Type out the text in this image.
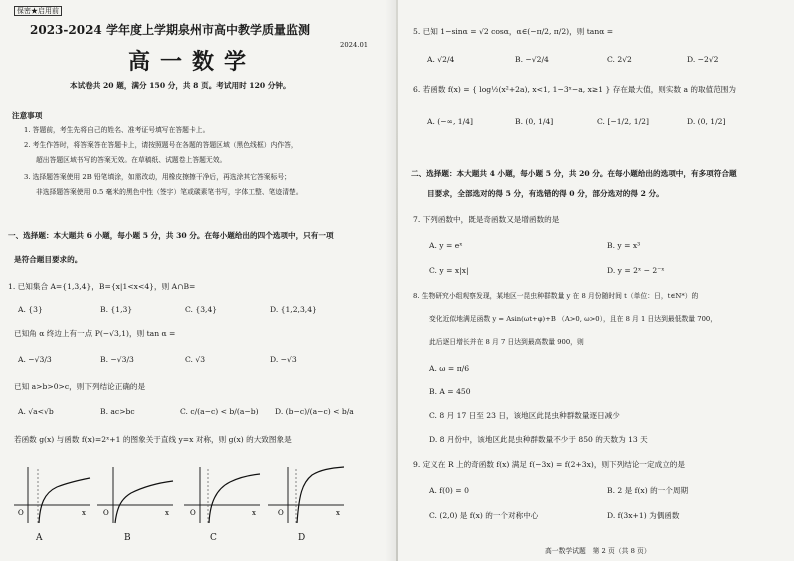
保密★启用前
2023-2024 学年度上学期泉州市高中教学质量监测
2024.01
高一数学
本试卷共 20 题，满分 150 分，共 8 页。考试用时 120 分钟。
注意事项
1. 答题前，考生先将自己的姓名、准考证号填写在答题卡上。
2. 考生作答时，将答案答在答题卡上，请按照题号在各题的答题区域（黑色线框）内作答，
超出答题区域书写的答案无效。在草稿纸、试题卷上答题无效。
3. 选择题答案使用 2B 铅笔填涂，如需改动，用橡皮擦擦干净后，再选涂其它答案标号；
非选择题答案使用 0.5 毫米的黑色中性（签字）笔或碳素笔书写，字体工整、笔迹清楚。
一、选择题：本大题共 6 小题，每小题 5 分，共 30 分。在每小题给出的四个选项中，只有一项
是符合题目要求的。
1. 已知集合 A={1,3,4}，B={x|1<x<4}，则 A∩B=
A. {3}	B. {1,3}	C. {3,4}	D. {1,2,3,4}
已知角 α 终边上有一点 P(−√3,1)，则 tan α =
A. −√3/3	B. −√3/3	C. √3	D. −√3
已知 a>b>0>c，则下列结论正确的是
A. √a<√b	B. ac>bc	C. c/(a−c) < b/(a−b) D. (b−c)/(a−c) < b/a
若函数 g(x) 与函数 f(x)=2ˣ+1 的图象关于直线 y=x 对称，则 g(x) 的大致图象是
O	x O	x	O	x	O	x
A	B	C	D
5. 已知 1−sinα = √2 cosα，α∈(−π/2, π/2)，则 tanα =
A. √2/4	B. −√2/4	C. 2√2	D. −2√2
6. 若函数 f(x) = { log½(x²+2a), x<1, 1−3ˣ−a, x≥1 } 存在最大值，则实数 a 的取值范围为
A. (−∞, 1/4]	B. (0, 1/4]	C. [−1/2, 1/2]	D. (0, 1/2]
二、选择题：本大题共 4 小题，每小题 5 分，共 20 分。在每小题给出的选项中，有多项符合题
目要求，全部选对的得 5 分，有选错的得 0 分，部分选对的得 2 分。
7. 下列函数中，既是奇函数又是增函数的是
A. y = eˣ	B. y = x³
C. y = x|x|	D. y = 2ˣ − 2⁻ˣ
8. 生物研究小组观察发现，某地区一昆虫种群数量 y 在 8 月份随时间 t（单位：日，t∈N*）的
变化近似地满足函数 y = Asin(ωt+φ)+B （A>0, ω>0），且在 8 月 1 日达到最低数量 700，
此后逐日增长并在 8 月 7 日达到最高数量 900，则
A. ω = π/6
B. A = 450
C. 8 月 17 日至 23 日，该地区此昆虫种群数量逐日减少
D. 8 月份中，该地区此昆虫种群数量不少于 850 的天数为 13 天
9. 定义在 R 上的奇函数 f(x) 满足 f(−3x) = f(2+3x)，则下列结论一定成立的是
A. f(0) = 0	B. 2 是 f(x) 的一个周期
C. (2,0) 是 f(x) 的一个对称中心	D. f(3x+1) 为偶函数
高一数学试题　第 2 页（共 8 页）
